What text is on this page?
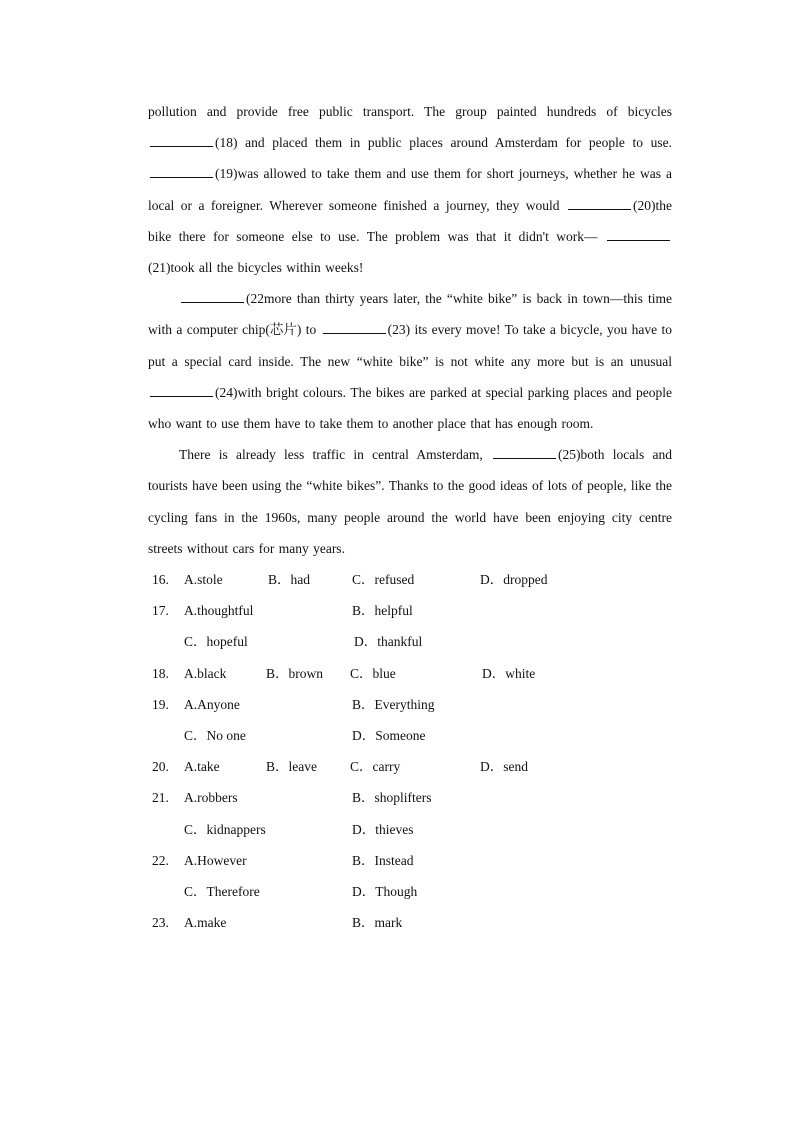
pollution and provide free public transport. The group painted hundreds of bicycles (18) and placed them in public places around Amsterdam for people to use. (19)was allowed to take them and use them for short journeys, whether he was a local or a foreigner. Wherever someone finished a journey, they would	(20)the bike there for someone else to use. The problem was that it didn't work— (21)took all the bicycles within weeks!

(22more than thirty years later, the “white bike” is back in town—this time with a computer chip(芯片) to	(23) its every move! To take a bicycle, you have to put a special card inside. The new “white bike” is not white any more but is an unusual (24)with bright colours. The bikes are parked at special parking places and people who want to use them have to take them to another place that has enough room.

There is already less traffic in central Amsterdam,	(25)both locals and tourists have been using the “white bikes”. Thanks to the good ideas of lots of people, like the cycling fans in the 1960s, many people around the world have been enjoying city centre streets without cars for many years.

16. A.stole	B．had	C．refused	D．dropped
17. A.thoughtful	B．helpful
C．hopeful	D．thankful
18. A.black	B．brown C．blue	D．white
19. A.Anyone	B．Everything
C．No one	D．Someone
20. A.take	B．leave C．carry	D．send
21. A.robbers	B．shoplifters
C．kidnappers	D．thieves
22. A.However	B．Instead
C．Therefore	D．Though
23. A.make	B．mark
